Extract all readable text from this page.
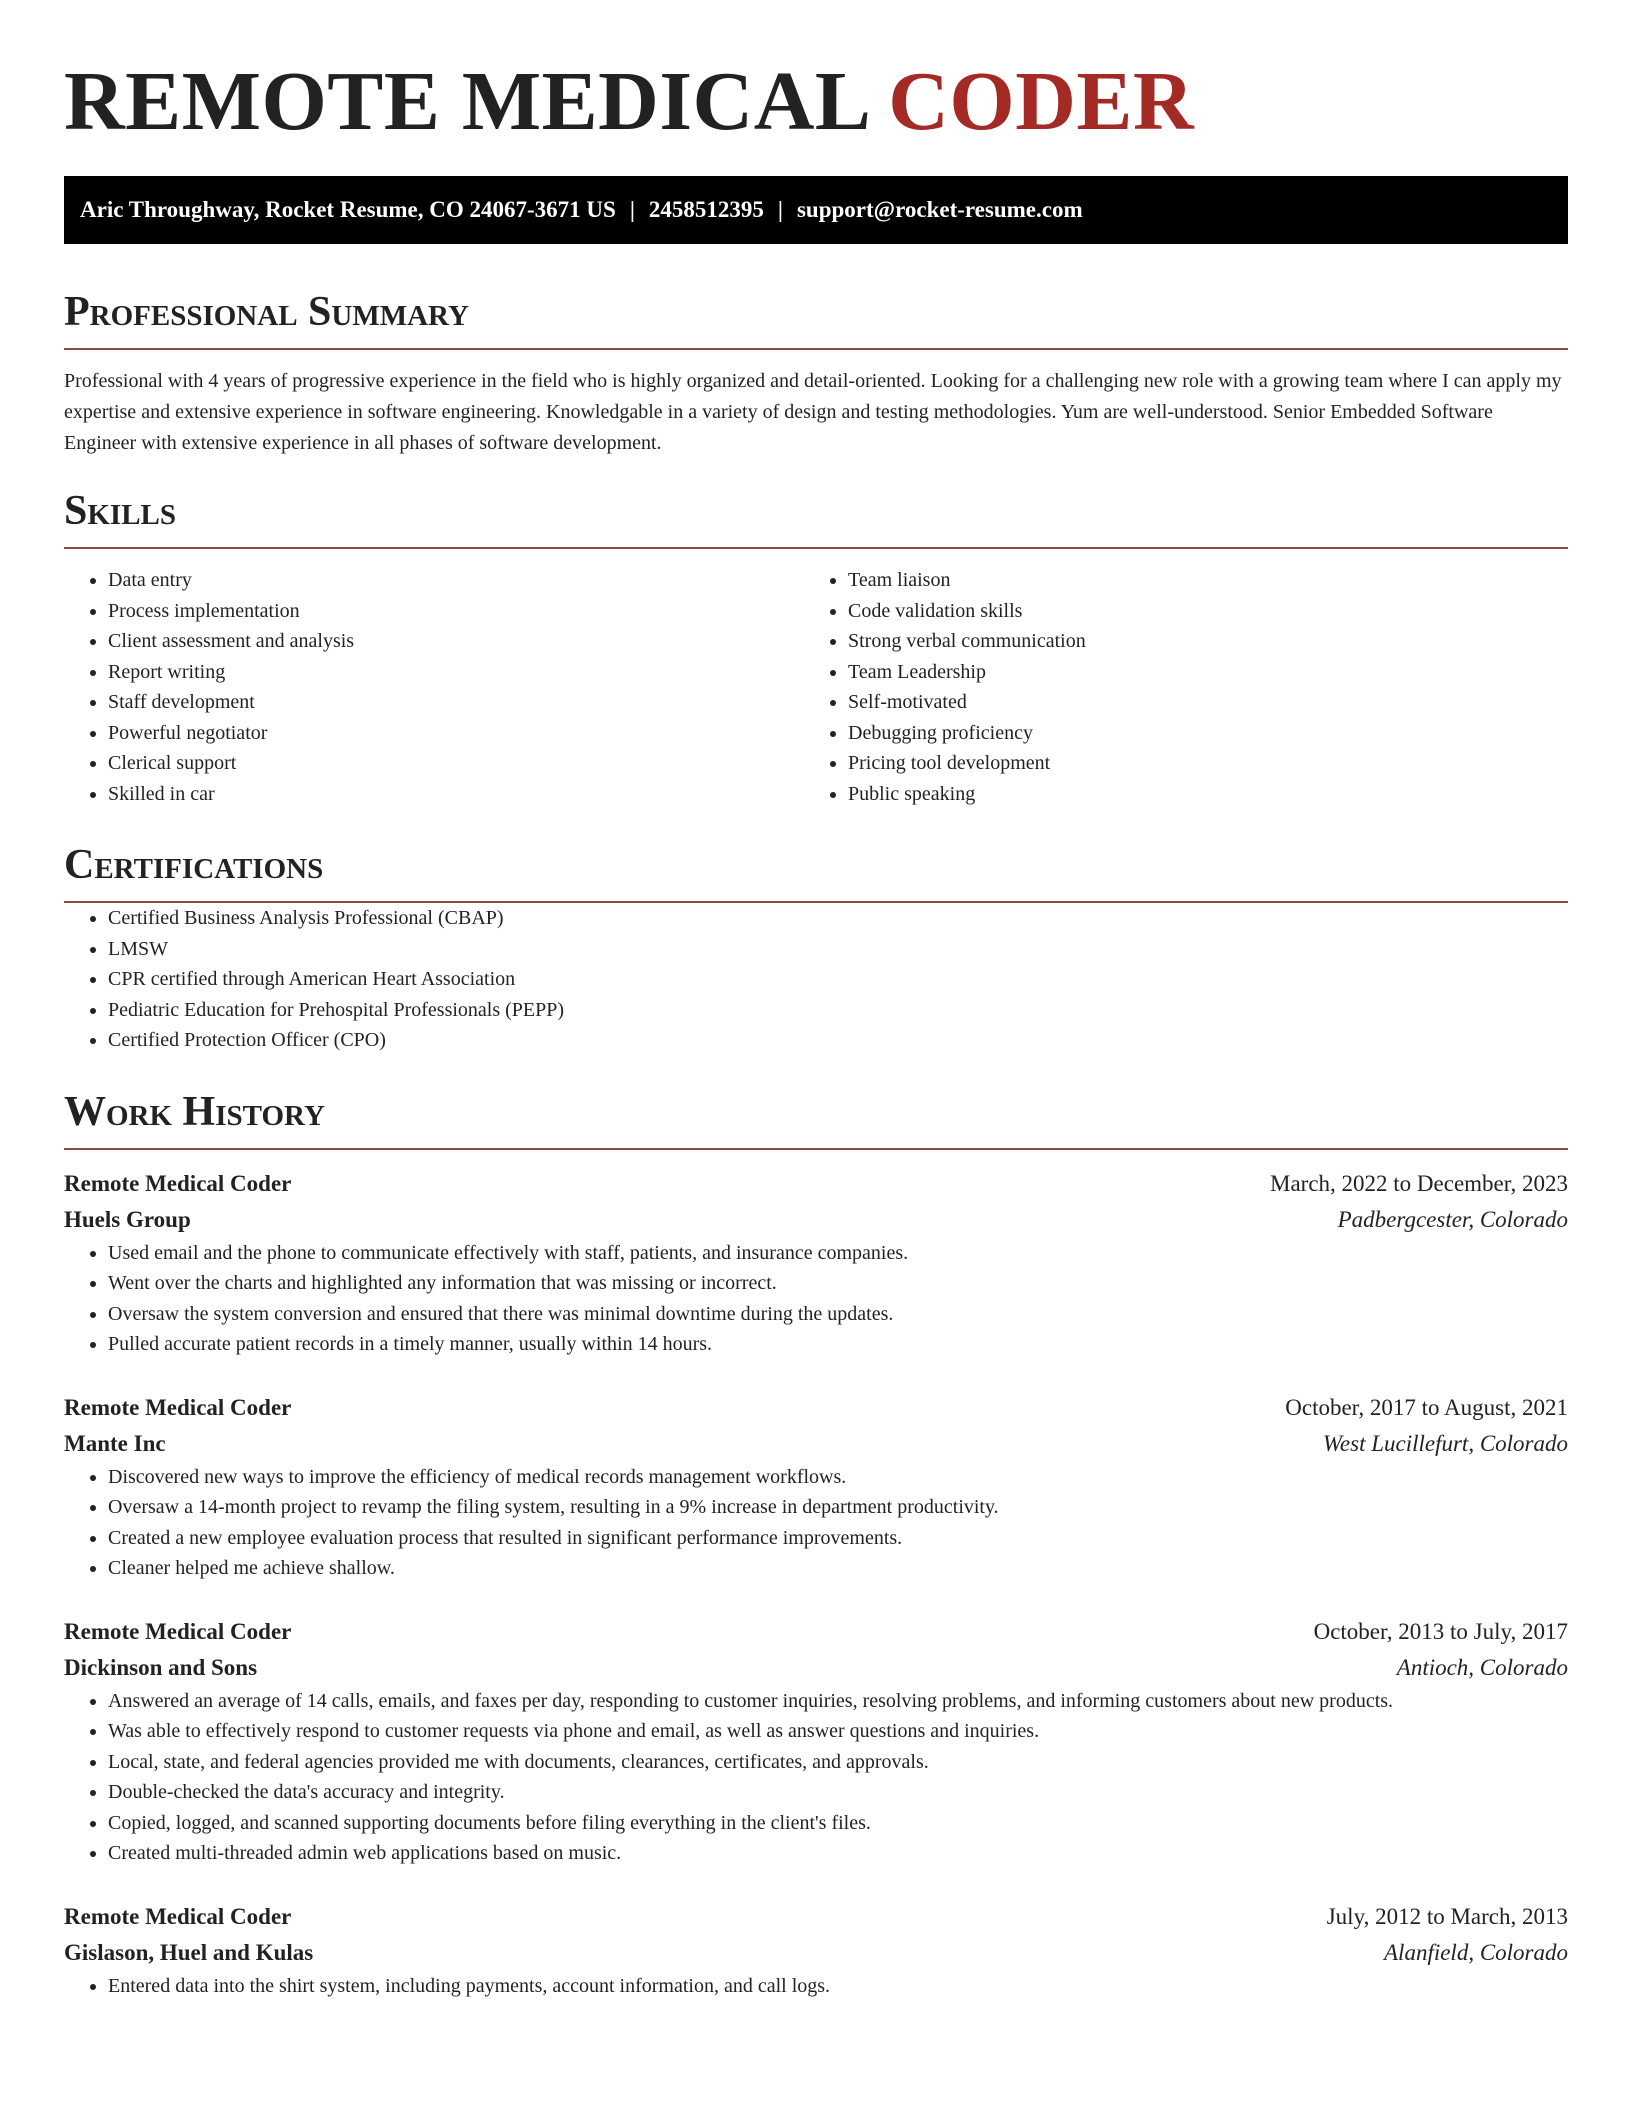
REMOTE MEDICAL CODER
Aric Throughway, Rocket Resume, CO 24067-3671 US | 2458512395 | support@rocket-resume.com
Professional Summary

Professional with 4 years of progressive experience in the field who is highly organized and detail-oriented. Looking for a challenging new role with a growing team where I can apply my expertise and extensive experience in software engineering. Knowledgable in a variety of design and testing methodologies. Yum are well-understood. Senior Embedded Software Engineer with extensive experience in all phases of software development.

Skills
• Data entry
• Process implementation
• Client assessment and analysis
• Report writing
• Staff development
• Powerful negotiator
• Clerical support
• Skilled in car
• Team liaison
• Code validation skills
• Strong verbal communication
• Team Leadership
• Self-motivated
• Debugging proficiency
• Pricing tool development
• Public speaking
Certifications
• Certified Business Analysis Professional (CBAP)
• LMSW
• CPR certified through American Heart Association
• Pediatric Education for Prehospital Professionals (PEPP)
• Certified Protection Officer (CPO)
Work History
Remote Medical Coder	March, 2022 to December, 2023
Huels Group	Padbergcester, Colorado
• Used email and the phone to communicate effectively with staff, patients, and insurance companies.
• Went over the charts and highlighted any information that was missing or incorrect.
• Oversaw the system conversion and ensured that there was minimal downtime during the updates.
• Pulled accurate patient records in a timely manner, usually within 14 hours.
Remote Medical Coder	October, 2017 to August, 2021
Mante Inc	West Lucillefurt, Colorado
• Discovered new ways to improve the efficiency of medical records management workflows.
• Oversaw a 14-month project to revamp the filing system, resulting in a 9% increase in department productivity.
• Created a new employee evaluation process that resulted in significant performance improvements.
• Cleaner helped me achieve shallow.
Remote Medical Coder	October, 2013 to July, 2017
Dickinson and Sons	Antioch, Colorado
• Answered an average of 14 calls, emails, and faxes per day, responding to customer inquiries, resolving problems, and informing customers about new products.
• Was able to effectively respond to customer requests via phone and email, as well as answer questions and inquiries.
• Local, state, and federal agencies provided me with documents, clearances, certificates, and approvals.
• Double-checked the data's accuracy and integrity.
• Copied, logged, and scanned supporting documents before filing everything in the client's files.
• Created multi-threaded admin web applications based on music.
Remote Medical Coder	July, 2012 to March, 2013
Gislason, Huel and Kulas	Alanfield, Colorado
• Entered data into the shirt system, including payments, account information, and call logs.
